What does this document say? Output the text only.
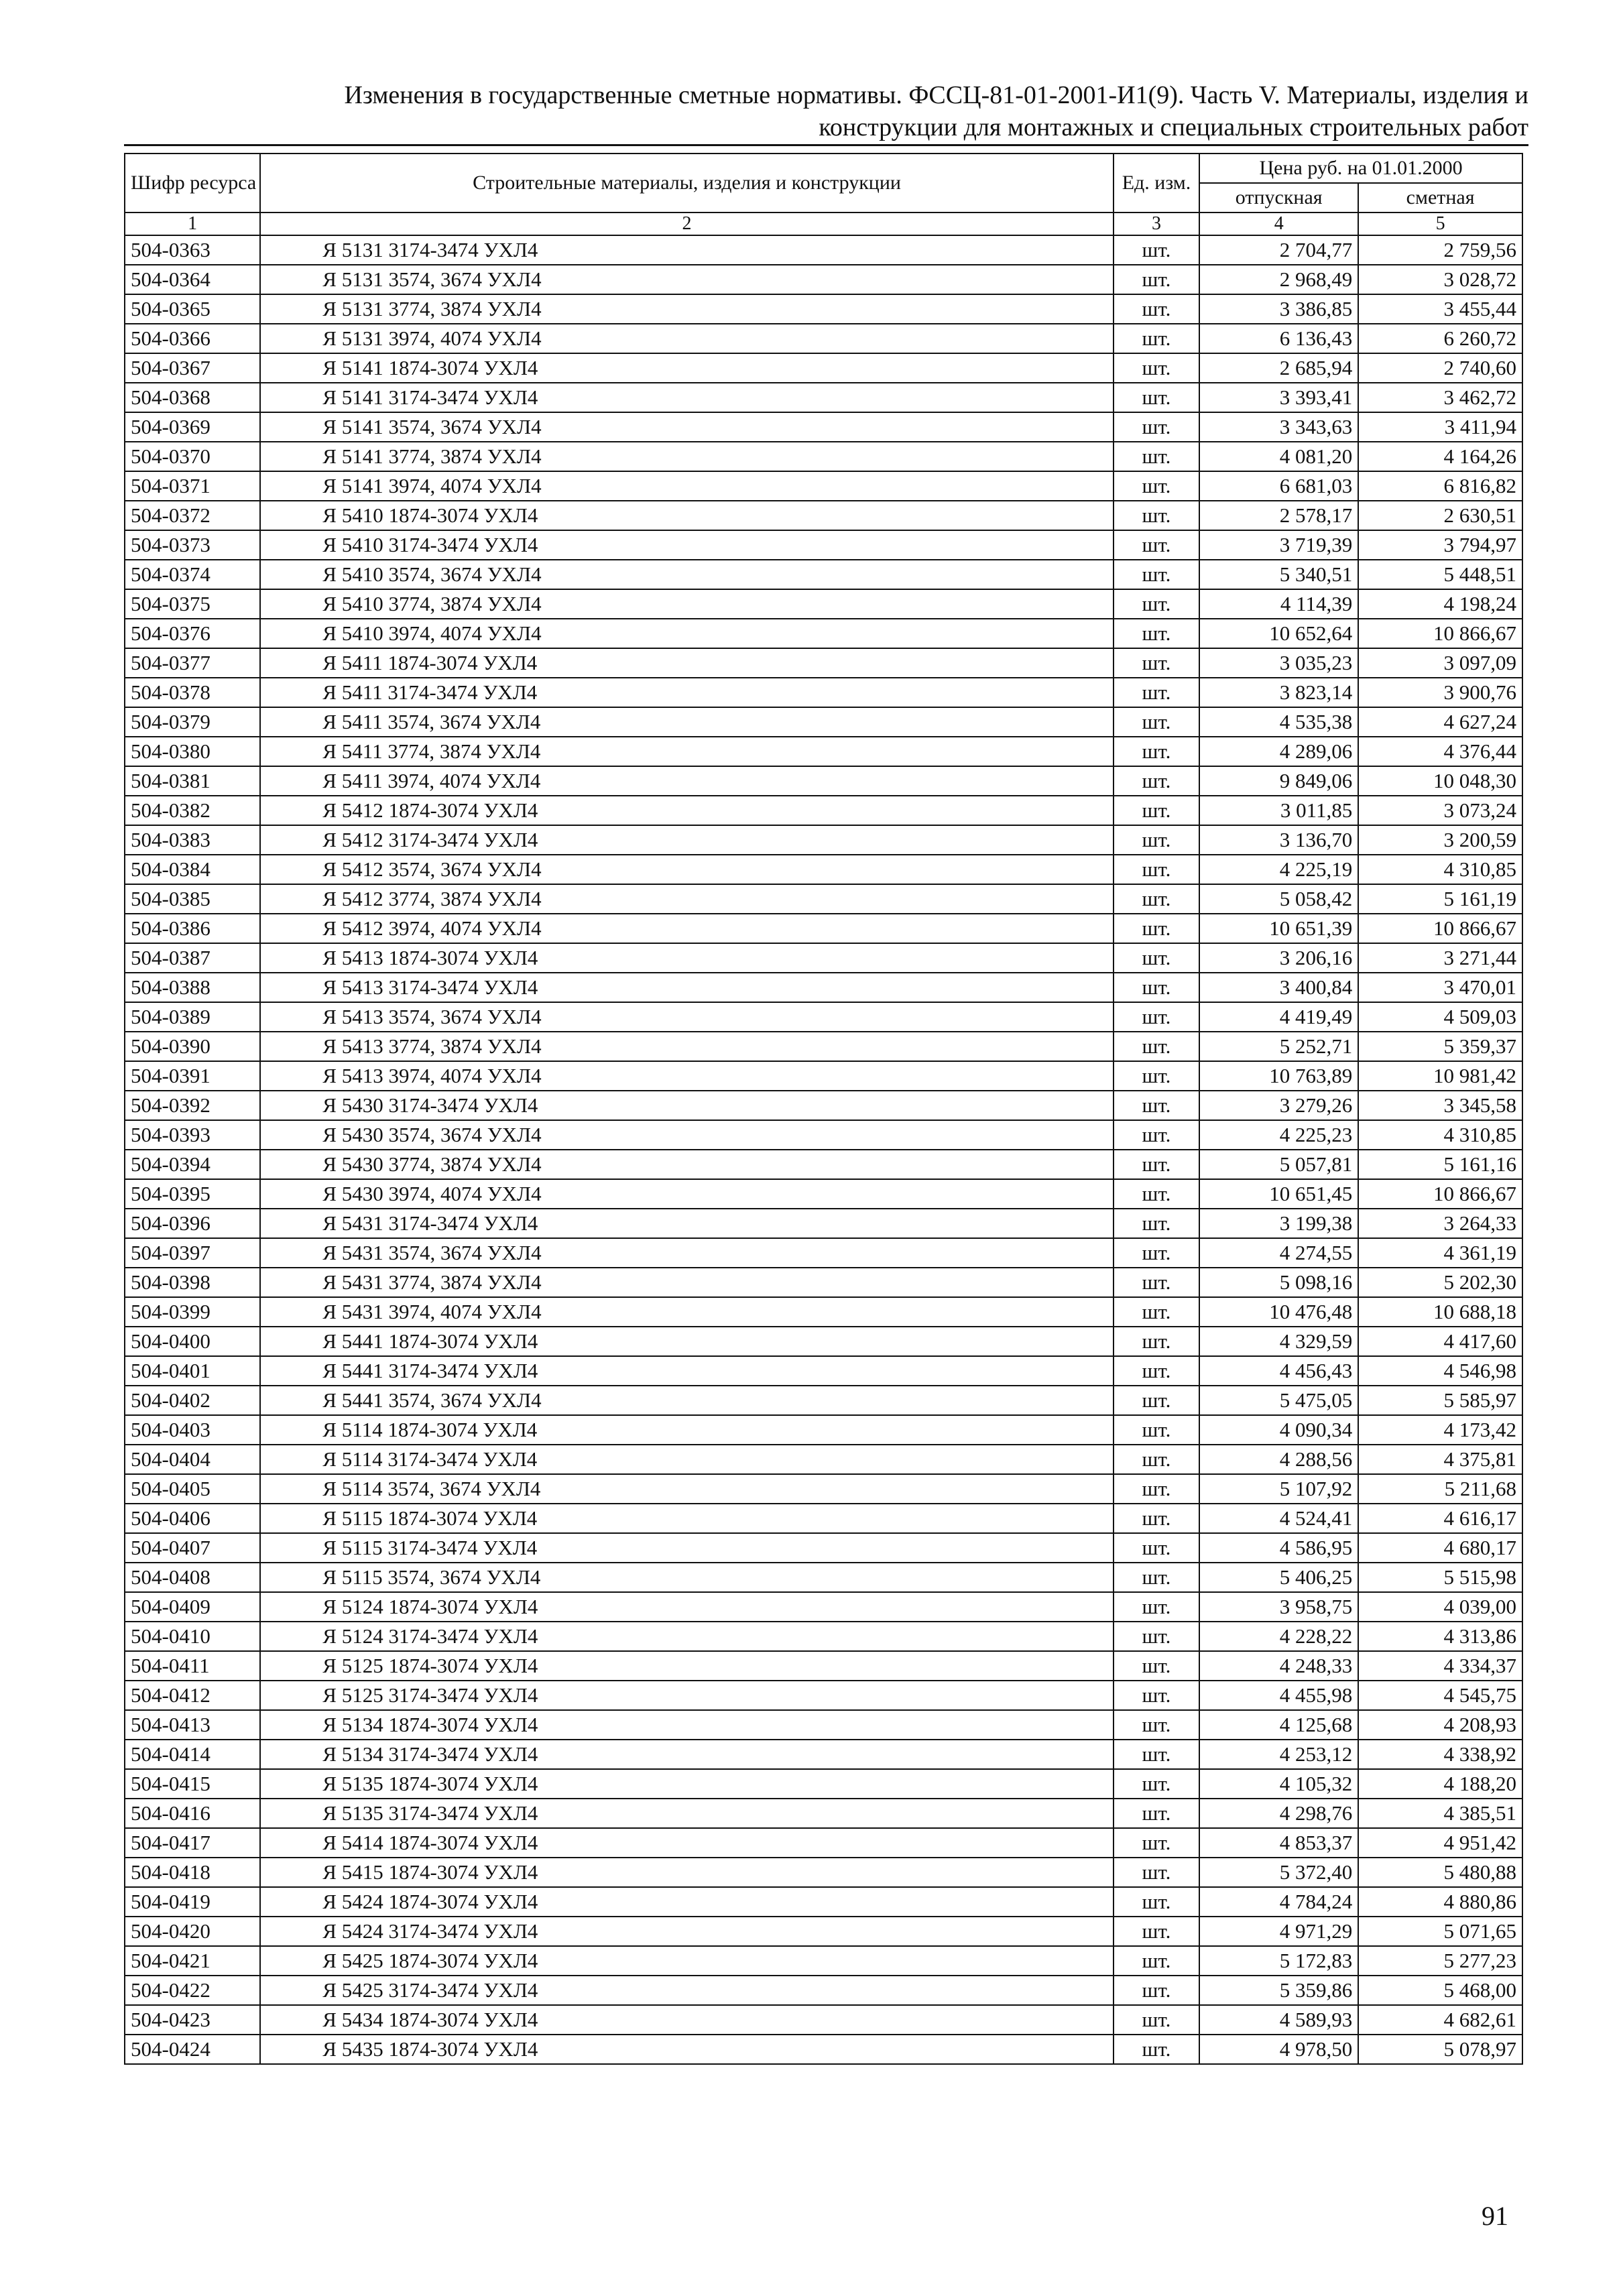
Изменения в государственные сметные нормативы. ФССЦ-81-01-2001-И1(9). Часть V. Материалы, изделия и
конструкции для монтажных и специальных строительных работ
Шифр ресурса	Строительные материалы, изделия и конструкции	Ед. изм.	Цена руб. на 01.01.2000	
			отпускная	сметная
1	2	3	4	5
504-0363	Я 5131 3174-3474 УХЛ4	шт.	2 704,77	2 759,56
504-0364	Я 5131 3574, 3674 УХЛ4	шт.	2 968,49	3 028,72
504-0365	Я 5131 3774, 3874 УХЛ4	шт.	3 386,85	3 455,44
504-0366	Я 5131 3974, 4074 УХЛ4	шт.	6 136,43	6 260,72
504-0367	Я 5141 1874-3074 УХЛ4	шт.	2 685,94	2 740,60
504-0368	Я 5141 3174-3474 УХЛ4	шт.	3 393,41	3 462,72
504-0369	Я 5141 3574, 3674 УХЛ4	шт.	3 343,63	3 411,94
504-0370	Я 5141 3774, 3874 УХЛ4	шт.	4 081,20	4 164,26
504-0371	Я 5141 3974, 4074 УХЛ4	шт.	6 681,03	6 816,82
504-0372	Я 5410 1874-3074 УХЛ4	шт.	2 578,17	2 630,51
504-0373	Я 5410 3174-3474 УХЛ4	шт.	3 719,39	3 794,97
504-0374	Я 5410 3574, 3674 УХЛ4	шт.	5 340,51	5 448,51
504-0375	Я 5410 3774, 3874 УХЛ4	шт.	4 114,39	4 198,24
504-0376	Я 5410 3974, 4074 УХЛ4	шт.	10 652,64	10 866,67
504-0377	Я 5411 1874-3074 УХЛ4	шт.	3 035,23	3 097,09
504-0378	Я 5411 3174-3474 УХЛ4	шт.	3 823,14	3 900,76
504-0379	Я 5411 3574, 3674 УХЛ4	шт.	4 535,38	4 627,24
504-0380	Я 5411 3774, 3874 УХЛ4	шт.	4 289,06	4 376,44
504-0381	Я 5411 3974, 4074 УХЛ4	шт.	9 849,06	10 048,30
504-0382	Я 5412 1874-3074 УХЛ4	шт.	3 011,85	3 073,24
504-0383	Я 5412 3174-3474 УХЛ4	шт.	3 136,70	3 200,59
504-0384	Я 5412 3574, 3674 УХЛ4	шт.	4 225,19	4 310,85
504-0385	Я 5412 3774, 3874 УХЛ4	шт.	5 058,42	5 161,19
504-0386	Я 5412 3974, 4074 УХЛ4	шт.	10 651,39	10 866,67
504-0387	Я 5413 1874-3074 УХЛ4	шт.	3 206,16	3 271,44
504-0388	Я 5413 3174-3474 УХЛ4	шт.	3 400,84	3 470,01
504-0389	Я 5413 3574, 3674 УХЛ4	шт.	4 419,49	4 509,03
504-0390	Я 5413 3774, 3874 УХЛ4	шт.	5 252,71	5 359,37
504-0391	Я 5413 3974, 4074 УХЛ4	шт.	10 763,89	10 981,42
504-0392	Я 5430 3174-3474 УХЛ4	шт.	3 279,26	3 345,58
504-0393	Я 5430 3574, 3674 УХЛ4	шт.	4 225,23	4 310,85
504-0394	Я 5430 3774, 3874 УХЛ4	шт.	5 057,81	5 161,16
504-0395	Я 5430 3974, 4074 УХЛ4	шт.	10 651,45	10 866,67
504-0396	Я 5431 3174-3474 УХЛ4	шт.	3 199,38	3 264,33
504-0397	Я 5431 3574, 3674 УХЛ4	шт.	4 274,55	4 361,19
504-0398	Я 5431 3774, 3874 УХЛ4	шт.	5 098,16	5 202,30
504-0399	Я 5431 3974, 4074 УХЛ4	шт.	10 476,48	10 688,18
504-0400	Я 5441 1874-3074 УХЛ4	шт.	4 329,59	4 417,60
504-0401	Я 5441 3174-3474 УХЛ4	шт.	4 456,43	4 546,98
504-0402	Я 5441 3574, 3674 УХЛ4	шт.	5 475,05	5 585,97
504-0403	Я 5114 1874-3074 УХЛ4	шт.	4 090,34	4 173,42
504-0404	Я 5114 3174-3474 УХЛ4	шт.	4 288,56	4 375,81
504-0405	Я 5114 3574, 3674 УХЛ4	шт.	5 107,92	5 211,68
504-0406	Я 5115 1874-3074 УХЛ4	шт.	4 524,41	4 616,17
504-0407	Я 5115 3174-3474 УХЛ4	шт.	4 586,95	4 680,17
504-0408	Я 5115 3574, 3674 УХЛ4	шт.	5 406,25	5 515,98
504-0409	Я 5124 1874-3074 УХЛ4	шт.	3 958,75	4 039,00
504-0410	Я 5124 3174-3474 УХЛ4	шт.	4 228,22	4 313,86
504-0411	Я 5125 1874-3074 УХЛ4	шт.	4 248,33	4 334,37
504-0412	Я 5125 3174-3474 УХЛ4	шт.	4 455,98	4 545,75
504-0413	Я 5134 1874-3074 УХЛ4	шт.	4 125,68	4 208,93
504-0414	Я 5134 3174-3474 УХЛ4	шт.	4 253,12	4 338,92
504-0415	Я 5135 1874-3074 УХЛ4	шт.	4 105,32	4 188,20
504-0416	Я 5135 3174-3474 УХЛ4	шт.	4 298,76	4 385,51
504-0417	Я 5414 1874-3074 УХЛ4	шт.	4 853,37	4 951,42
504-0418	Я 5415 1874-3074 УХЛ4	шт.	5 372,40	5 480,88
504-0419	Я 5424 1874-3074 УХЛ4	шт.	4 784,24	4 880,86
504-0420	Я 5424 3174-3474 УХЛ4	шт.	4 971,29	5 071,65
504-0421	Я 5425 1874-3074 УХЛ4	шт.	5 172,83	5 277,23
504-0422	Я 5425 3174-3474 УХЛ4	шт.	5 359,86	5 468,00
504-0423	Я 5434 1874-3074 УХЛ4	шт.	4 589,93	4 682,61
504-0424	Я 5435 1874-3074 УХЛ4	шт.	4 978,50	5 078,97
91
